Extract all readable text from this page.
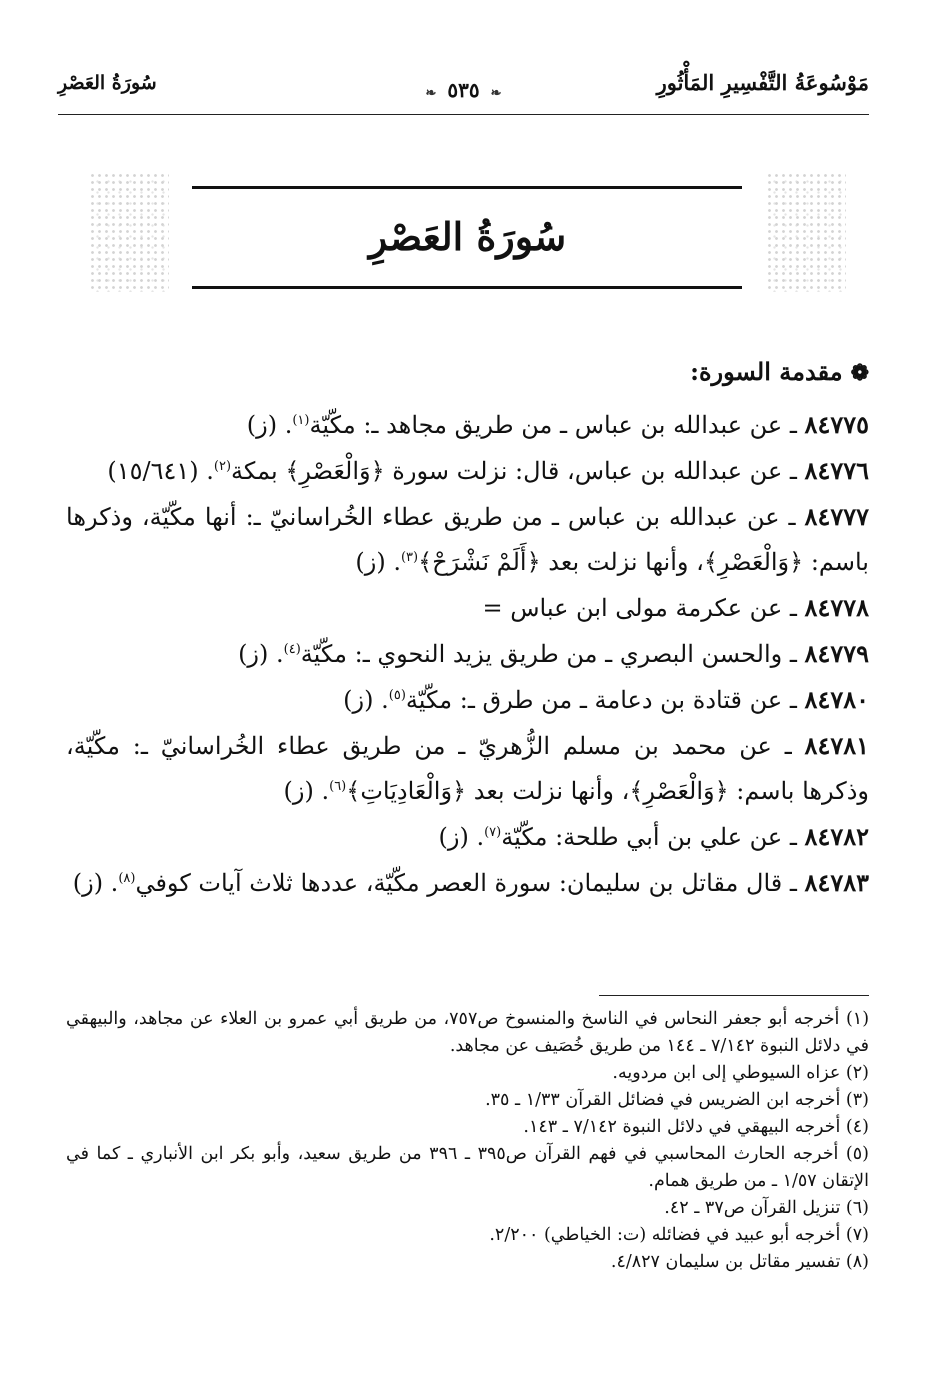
مَوْسُوعَةُ التَّفْسِيرِ المَأْثُورِ
❧ ٥٣٥ ❧
سُورَةُ العَصْرِ
سُورَةُ العَصْرِ
❁مقدمة السورة:

٨٤٧٧٥ ـ عن عبدالله بن عباس ـ من طريق مجاهد ـ: مكّيّة$^{(١)}$. (ز)

٨٤٧٧٦ ـ عن عبدالله بن عباس، قال: نزلت سورة ﴿وَالْعَصْرِ﴾ بمكة$^{(٢)}$. (١٥/٦٤١)

٨٤٧٧٧ ـ عن عبدالله بن عباس ـ من طريق عطاء الخُراسانيّ ـ: أنها مكّيّة، وذكرها باسم: ﴿وَالْعَصْرِ﴾، وأنها نزلت بعد ﴿أَلَمْ نَشْرَحْ﴾$^{(٣)}$. (ز)

٨٤٧٧٨ ـ عن عكرمة مولى ابن عباس =

٨٤٧٧٩ ـ والحسن البصري ـ من طريق يزيد النحوي ـ: مكّيّة$^{(٤)}$. (ز)

٨٤٧٨٠ ـ عن قتادة بن دعامة ـ من طرق ـ: مكّيّة$^{(٥)}$. (ز)

٨٤٧٨١ ـ عن محمد بن مسلم الزُّهريّ ـ من طريق عطاء الخُراسانيّ ـ: مكّيّة، وذكرها باسم: ﴿وَالْعَصْرِ﴾، وأنها نزلت بعد ﴿وَالْعَادِيَاتِ﴾$^{(٦)}$. (ز)

٨٤٧٨٢ ـ عن علي بن أبي طلحة: مكّيّة$^{(٧)}$. (ز)

٨٤٧٨٣ ـ قال مقاتل بن سليمان: سورة العصر مكّيّة، عددها ثلاث آيات كوفي$^{(٨)}$. (ز)

(١) أخرجه أبو جعفر النحاس في الناسخ والمنسوخ ص٧٥٧، من طريق أبي عمرو بن العلاء عن مجاهد، والبيهقي في دلائل النبوة ٧/١٤٢ ـ ١٤٤ من طريق خُصَيف عن مجاهد.
(٢) عزاه السيوطي إلى ابن مردويه.
(٣) أخرجه ابن الضريس في فضائل القرآن ١/٣٣ ـ ٣٥.
(٤) أخرجه البيهقي في دلائل النبوة ٧/١٤٢ ـ ١٤٣.
(٥) أخرجه الحارث المحاسبي في فهم القرآن ص٣٩٥ ـ ٣٩٦ من طريق سعيد، وأبو بكر ابن الأنباري ـ كما في الإتقان ١/٥٧ ـ من طريق همام.
(٦) تنزيل القرآن ص٣٧ ـ ٤٢.
(٧) أخرجه أبو عبيد في فضائله (ت: الخياطي) ٢/٢٠٠.
(٨) تفسير مقاتل بن سليمان ٤/٨٢٧.
